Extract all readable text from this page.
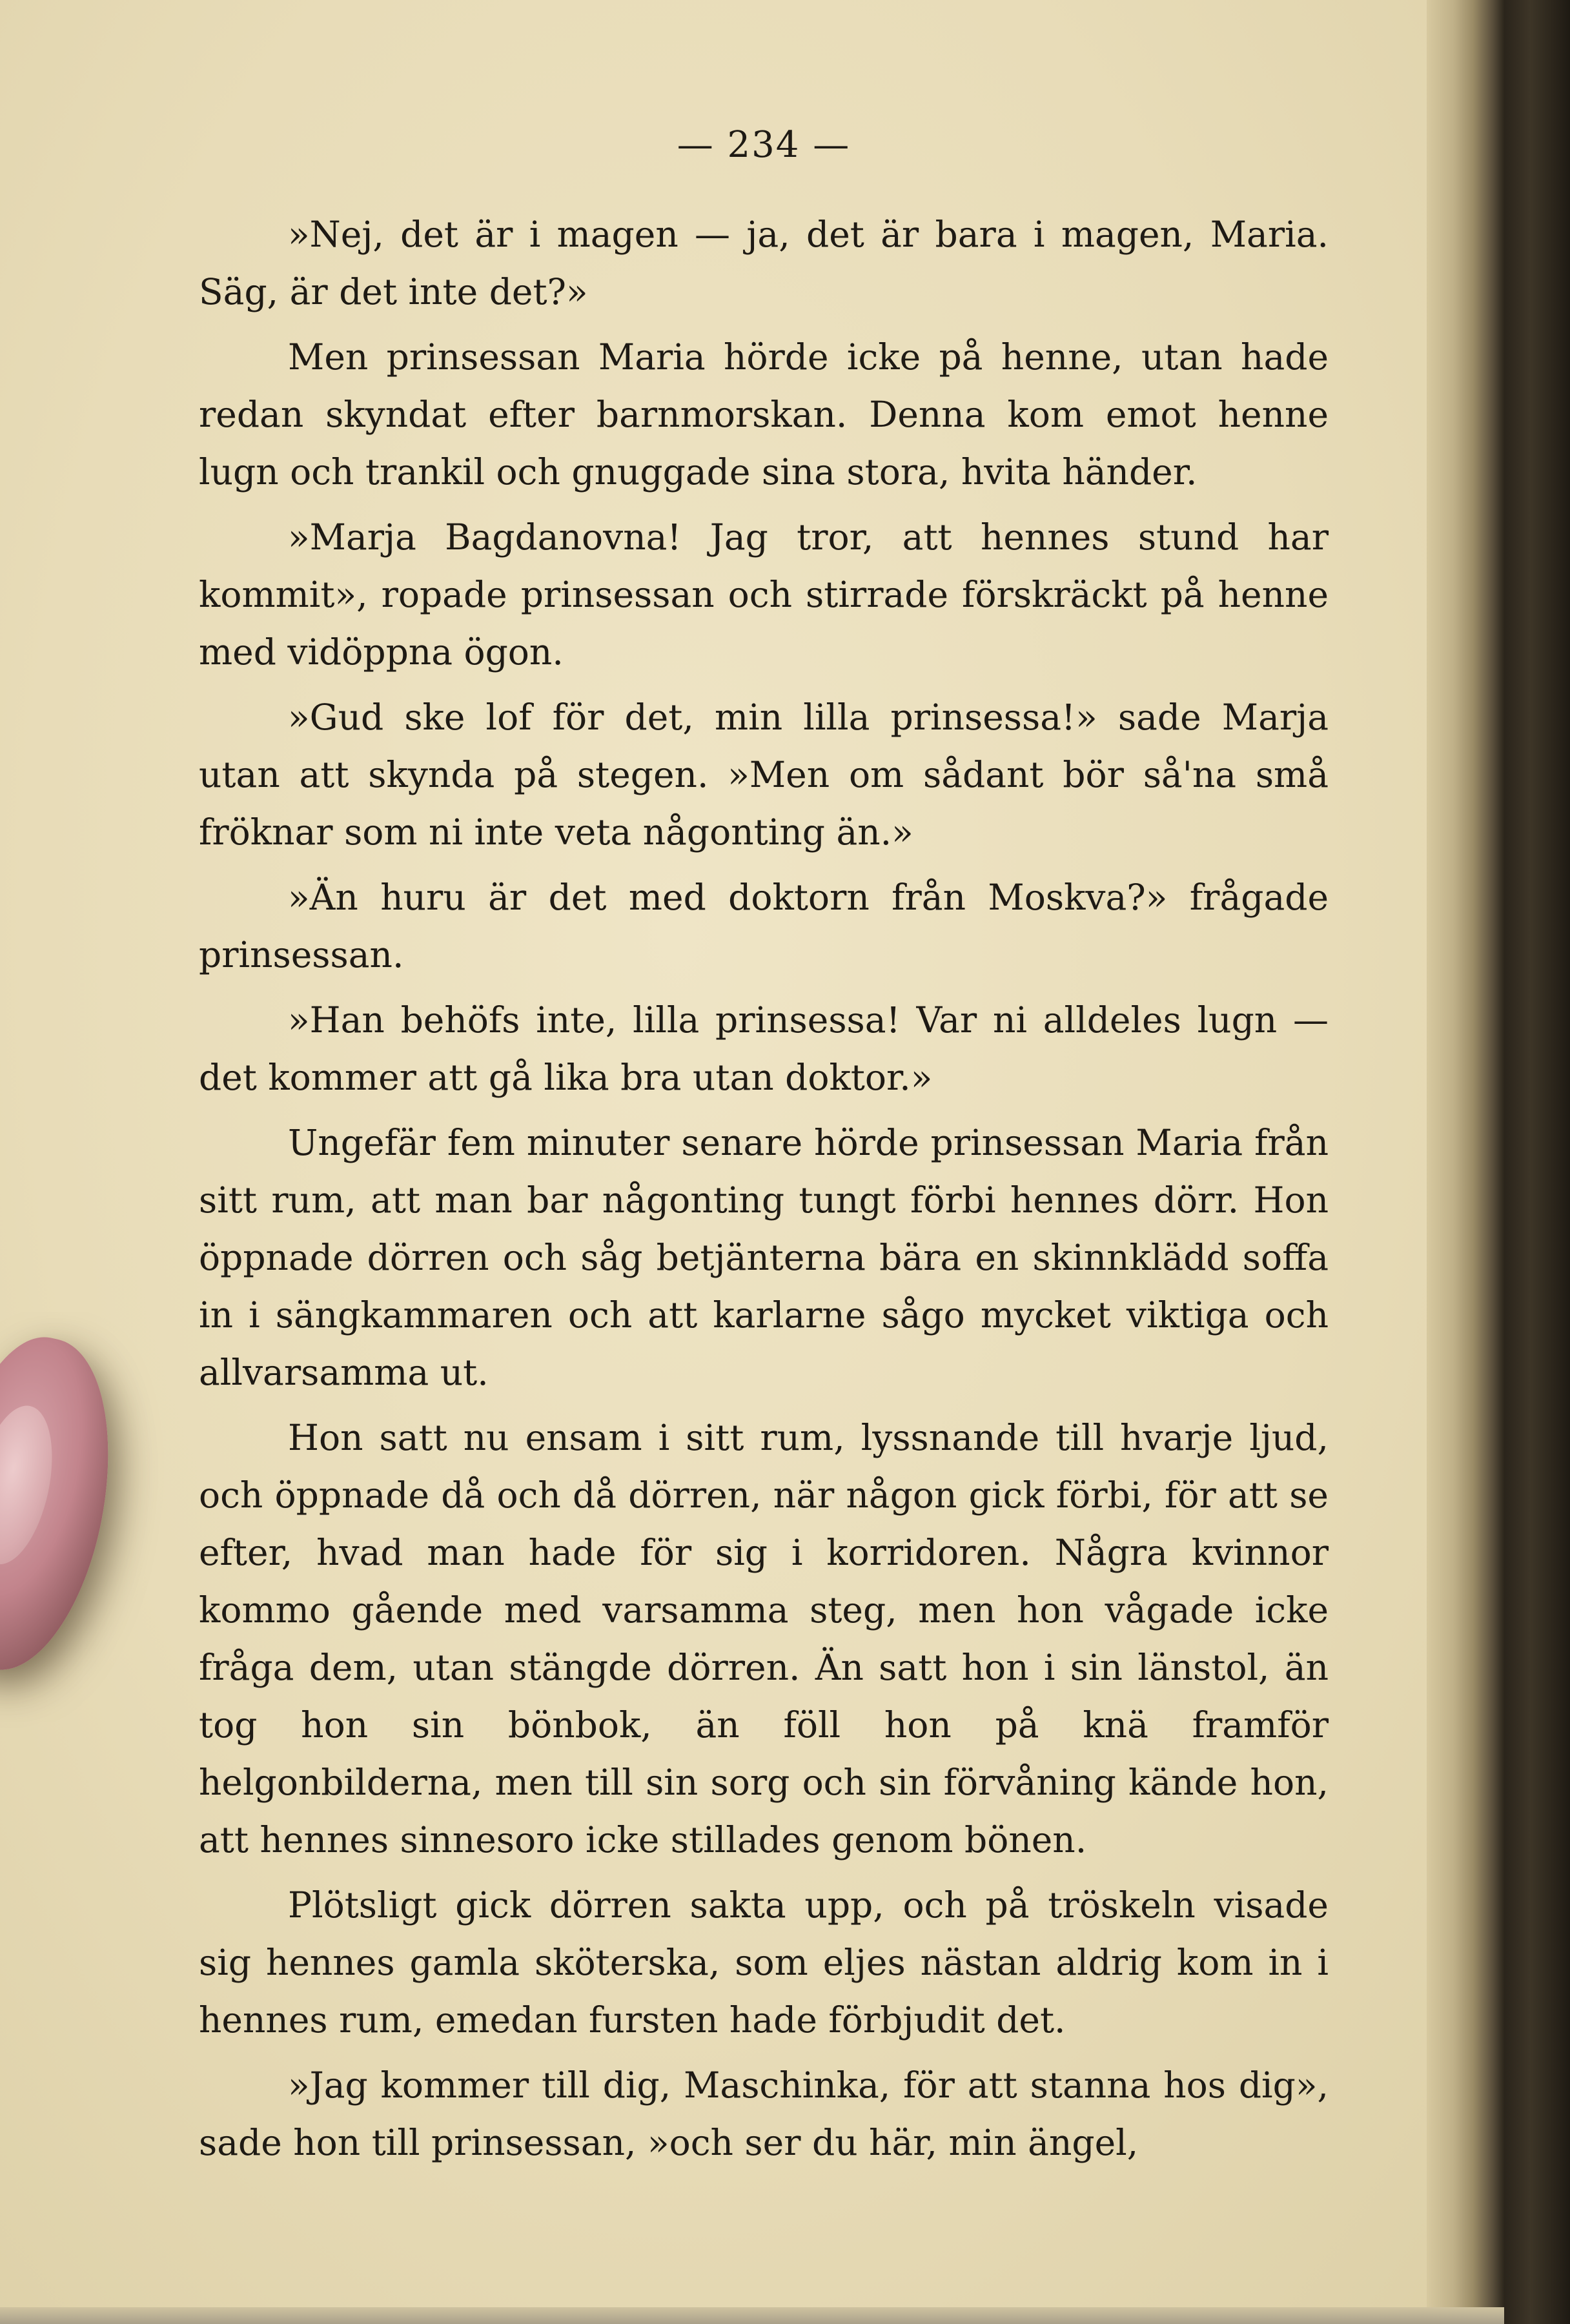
— 234 —

»Nej, det är i magen — ja, det är bara i magen, Maria. Säg, är det inte det?»

Men prinsessan Maria hörde icke på henne, utan hade redan skyndat efter barnmorskan. Denna kom emot henne lugn och trankil och gnuggade sina stora, hvita händer.

»Marja Bagdanovna! Jag tror, att hennes stund har kommit», ropade prinsessan och stirrade förskräckt på henne med vidöppna ögon.

»Gud ske lof för det, min lilla prinsessa!» sade Marja utan att skynda på stegen. »Men om sådant bör så'na små fröknar som ni inte veta någonting än.»

»Än huru är det med doktorn från Moskva?» frågade prinsessan.

»Han behöfs inte, lilla prinsessa! Var ni alldeles lugn — det kommer att gå lika bra utan doktor.»

Ungefär fem minuter senare hörde prinsessan Maria från sitt rum, att man bar någonting tungt förbi hennes dörr. Hon öppnade dörren och såg betjänterna bära en skinnklädd soffa in i sängkammaren och att karlarne sågo mycket viktiga och allvarsamma ut.

Hon satt nu ensam i sitt rum, lyssnande till hvarje ljud, och öppnade då och då dörren, när någon gick förbi, för att se efter, hvad man hade för sig i korridoren. Några kvinnor kommo gående med varsamma steg, men hon vågade icke fråga dem, utan stängde dörren. Än satt hon i sin länstol, än tog hon sin bönbok, än föll hon på knä framför helgonbilderna, men till sin sorg och sin förvåning kände hon, att hennes sinnesoro icke stillades genom bönen.

Plötsligt gick dörren sakta upp, och på tröskeln visade sig hennes gamla sköterska, som eljes nästan aldrig kom in i hennes rum, emedan fursten hade förbjudit det.

»Jag kommer till dig, Maschinka, för att stanna hos dig», sade hon till prinsessan, »och ser du här, min ängel,
